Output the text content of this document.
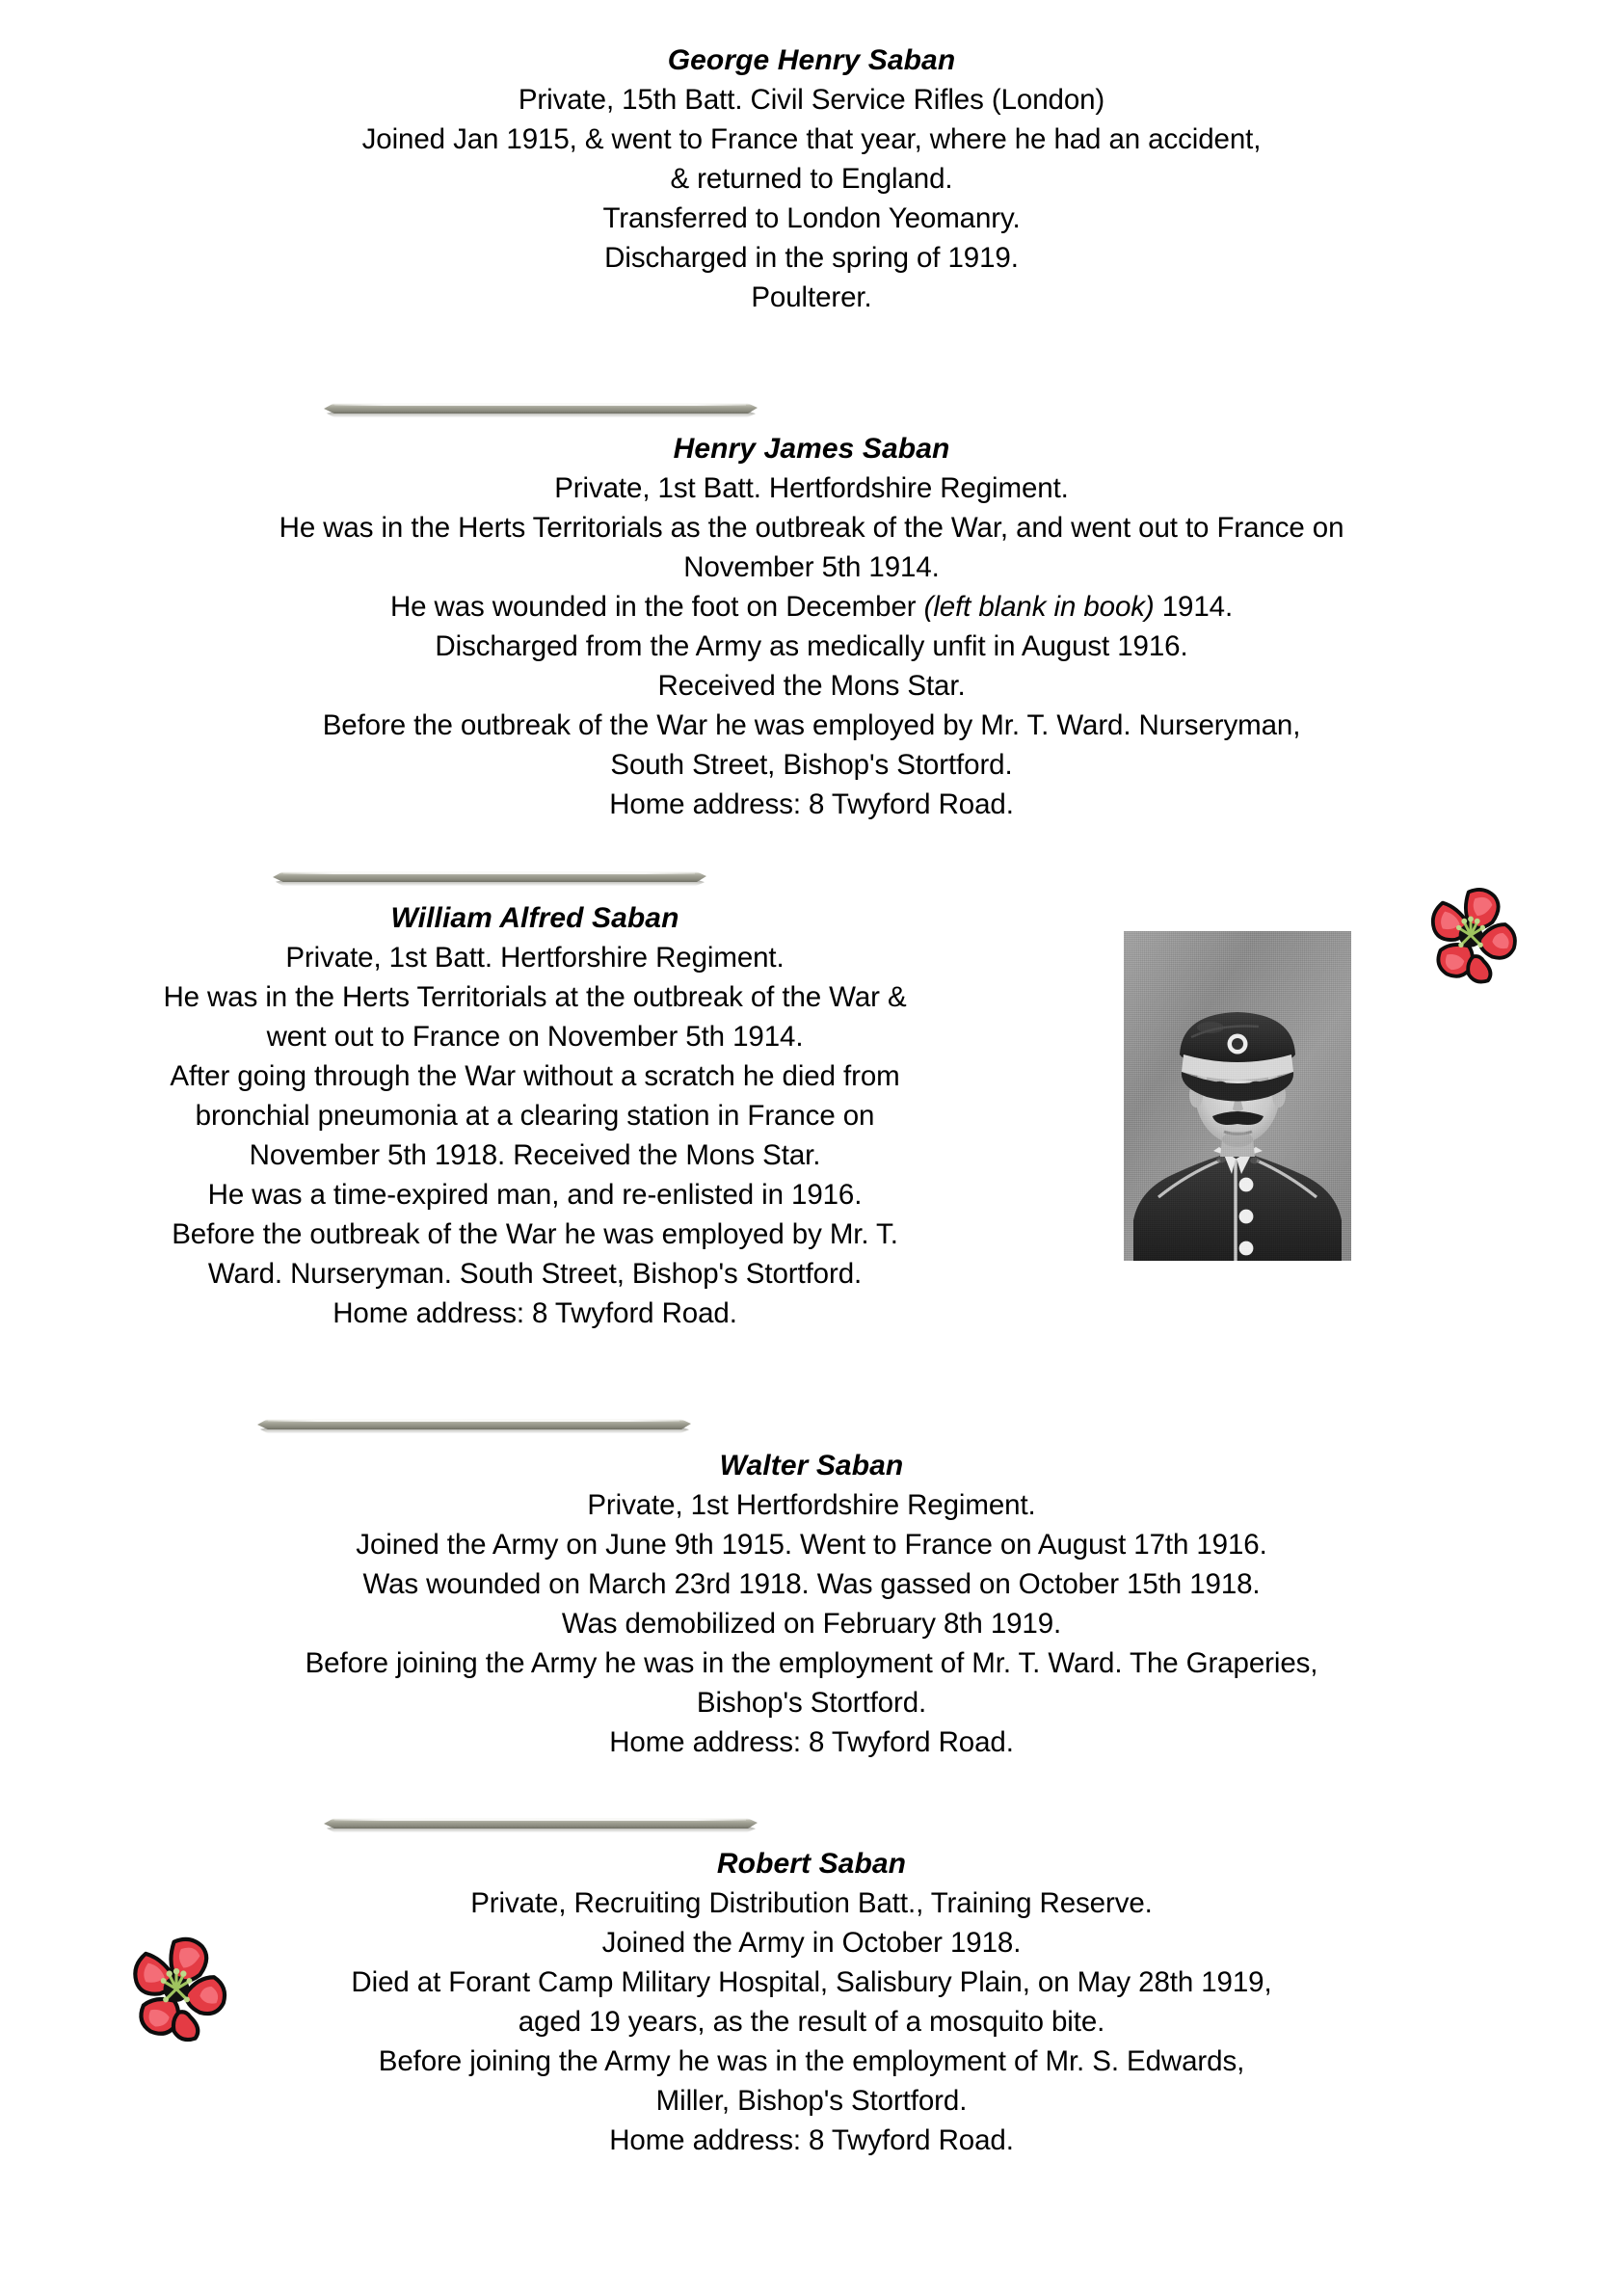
George Henry Saban
Private, 15th Batt. Civil Service Rifles (London)
Joined Jan 1915, & went to France that year, where he had an accident,
& returned to England.
Transferred to London Yeomanry.
Discharged in the spring of 1919.
Poulterer.
Henry James Saban
Private, 1st Batt. Hertfordshire Regiment.
He was in the Herts Territorials as the outbreak of the War, and went out to France on
November 5th 1914.
He was wounded in the foot on December (left blank in book) 1914.
Discharged from the Army as medically unfit in August 1916.
Received the Mons Star.
Before the outbreak of the War he was employed by Mr. T. Ward. Nurseryman,
South Street, Bishop's Stortford.
Home address: 8 Twyford Road.
William Alfred Saban
Private, 1st Batt. Hertforshire Regiment.
He was in the Herts Territorials at the outbreak of the War &
went out to France on November 5th 1914.
After going through the War without a scratch he died from
bronchial pneumonia at a clearing station in France on
November 5th 1918. Received the Mons Star.
He was a time-expired man, and re-enlisted in 1916.
Before the outbreak of the War he was employed by Mr. T.
Ward. Nurseryman. South Street, Bishop's Stortford.
Home address: 8 Twyford Road.
Walter Saban
Private, 1st Hertfordshire Regiment.
Joined the Army on June 9th 1915. Went to France on August 17th 1916.
Was wounded on March 23rd 1918. Was gassed on October 15th 1918.
Was demobilized on February 8th 1919.
Before joining the Army he was in the employment of Mr. T. Ward. The Graperies,
Bishop's Stortford.
Home address: 8 Twyford Road.
Robert Saban
Private, Recruiting Distribution Batt., Training Reserve.
Joined the Army in October 1918.
Died at Forant Camp Military Hospital, Salisbury Plain, on May 28th 1919,
aged 19 years, as the result of a mosquito bite.
Before joining the Army he was in the employment of Mr. S. Edwards,
Miller, Bishop's Stortford.
Home address: 8 Twyford Road.
